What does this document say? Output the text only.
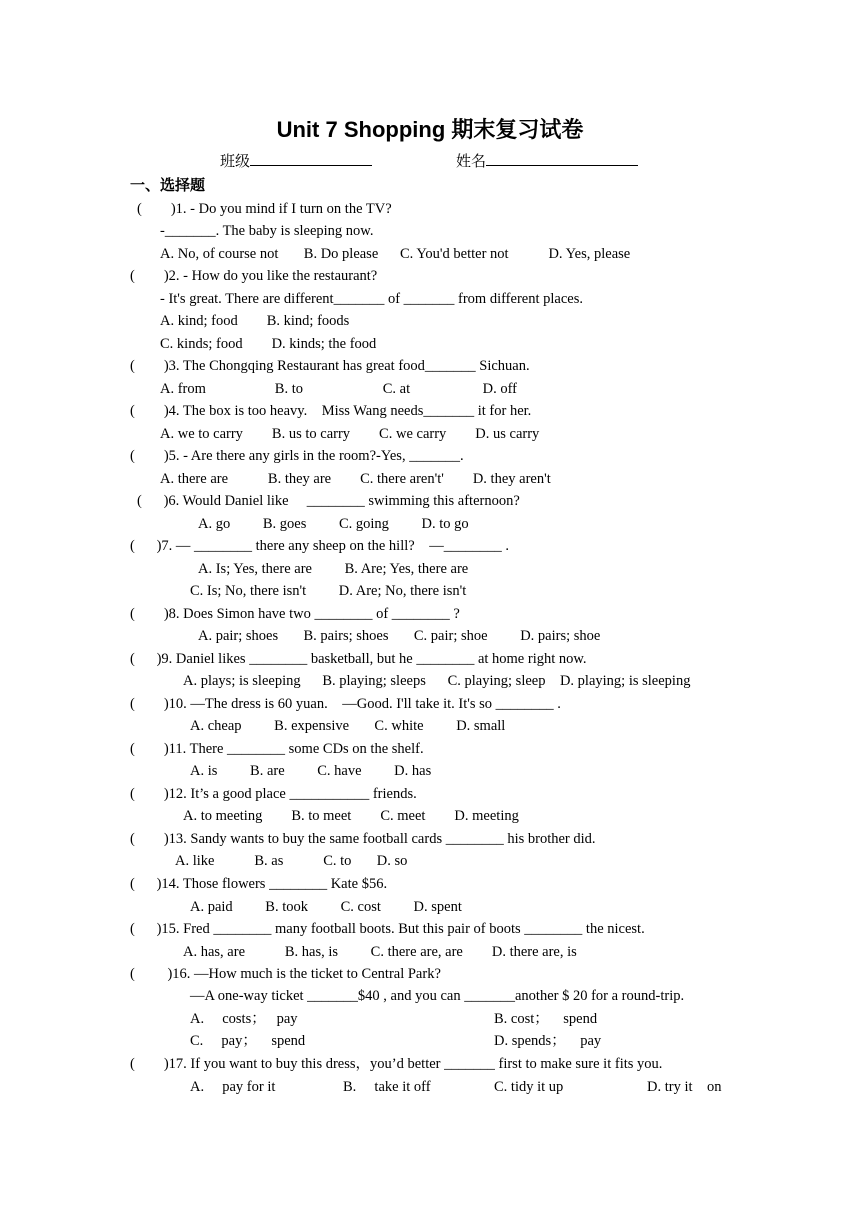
Unit 7 Shopping 期末复习试卷
班级	姓名
一、选择题
(        )1. - Do you mind if I turn on the TV?
-_______. The baby is sleeping now.
A. No, of course not       B. Do please      C. You'd better not           D. Yes, please
(        )2. - How do you like the restaurant?
- It's great. There are different_______ of _______ from different places.
A. kind; food        B. kind; foods
C. kinds; food        D. kinds; the food
(        )3. The Chongqing Restaurant has great food_______ Sichuan.
A. from                   B. to                      C. at                    D. off
(        )4. The box is too heavy.    Miss Wang needs_______ it for her.
A. we to carry        B. us to carry        C. we carry        D. us carry
(        )5. - Are there any girls in the room?-Yes, _______.
A. there are           B. they are        C. there aren't'        D. they aren't
(      )6. Would Daniel like     ________ swimming this afternoon?
A. go         B. goes         C. going         D. to go
(      )7. — ________ there any sheep on the hill?    —________ .
A. Is; Yes, there are         B. Are; Yes, there are
C. Is; No, there isn't         D. Are; No, there isn't
(        )8. Does Simon have two ________ of ________ ?
A. pair; shoes       B. pairs; shoes       C. pair; shoe         D. pairs; shoe
(      )9. Daniel likes ________ basketball, but he ________ at home right now.
A. plays; is sleeping      B. playing; sleeps      C. playing; sleep    D. playing; is sleeping
(        )10. —The dress is 60 yuan.    —Good. I'll take it. It's so ________ .
A. cheap         B. expensive       C. white         D. small
(        )11. There ________ some CDs on the shelf.
A. is         B. are         C. have         D. has
(        )12. It’s a good place ___________ friends.
A. to meeting        B. to meet        C. meet        D. meeting
(        )13. Sandy wants to buy the same football cards ________ his brother did.
A. like           B. as           C. to       D. so
(      )14. Those flowers ________ Kate $56.
A. paid         B. took         C. cost         D. spent
(      )15. Fred ________ many football boots. But this pair of boots ________ the nicest.
A. has, are           B. has, is         C. there are, are        D. there are, is
(         )16. —How much is the ticket to Central Park?
—A one-way ticket _______$40 , and you can _______another $ 20 for a round-trip.
A.     costs；   pay	B. cost；    spend
C.     pay；    spend	D. spends；    pay
(        )17. If you want to buy this dress，you’d better _______ first to make sure it fits you.
A.     pay for it	B.     take it off	C. tidy it up	D. try it    on
